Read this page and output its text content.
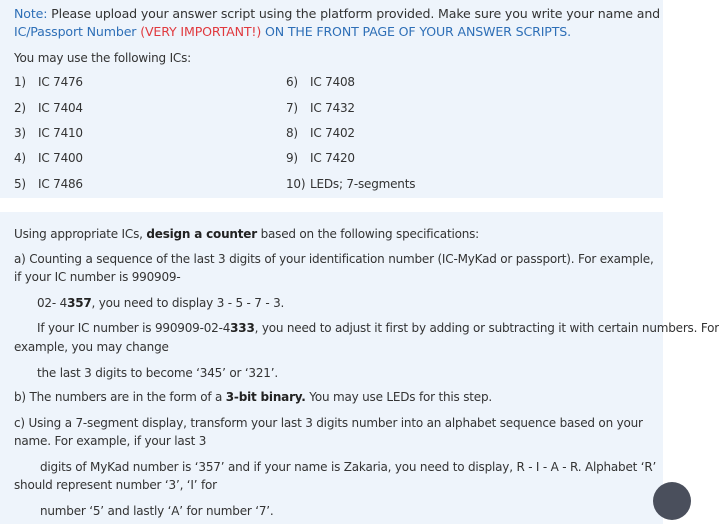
Note: Please upload your answer script using the platform provided. Make sure you write your name and
IC/Passport Number (VERY IMPORTANT!) ON THE FRONT PAGE OF YOUR ANSWER SCRIPTS.
You may use the following ICs:
1) IC 7476
2) IC 7404
3) IC 7410
4) IC 7400
5) IC 7486
6) IC 7408
7) IC 7432
8) IC 7402
9) IC 7420
10) LEDs; 7-segments
Using appropriate ICs, design a counter based on the following specifications:
a) Counting a sequence of the last 3 digits of your identification number (IC-MyKad or passport). For example,
if your IC number is 990909-
02- 4357, you need to display 3 - 5 - 7 - 3.
If your IC number is 990909-02-4333, you need to adjust it first by adding or subtracting it with certain numbers. For
example, you may change
the last 3 digits to become ‘345’ or ‘321’.
b) The numbers are in the form of a 3-bit binary. You may use LEDs for this step.
c) Using a 7-segment display, transform your last 3 digits number into an alphabet sequence based on your
name. For example, if your last 3
digits of MyKad number is ‘357’ and if your name is Zakaria, you need to display, R - I - A - R. Alphabet ‘R’
should represent number ‘3’, ‘I’ for
number ‘5’ and lastly ‘A’ for number ‘7’.
